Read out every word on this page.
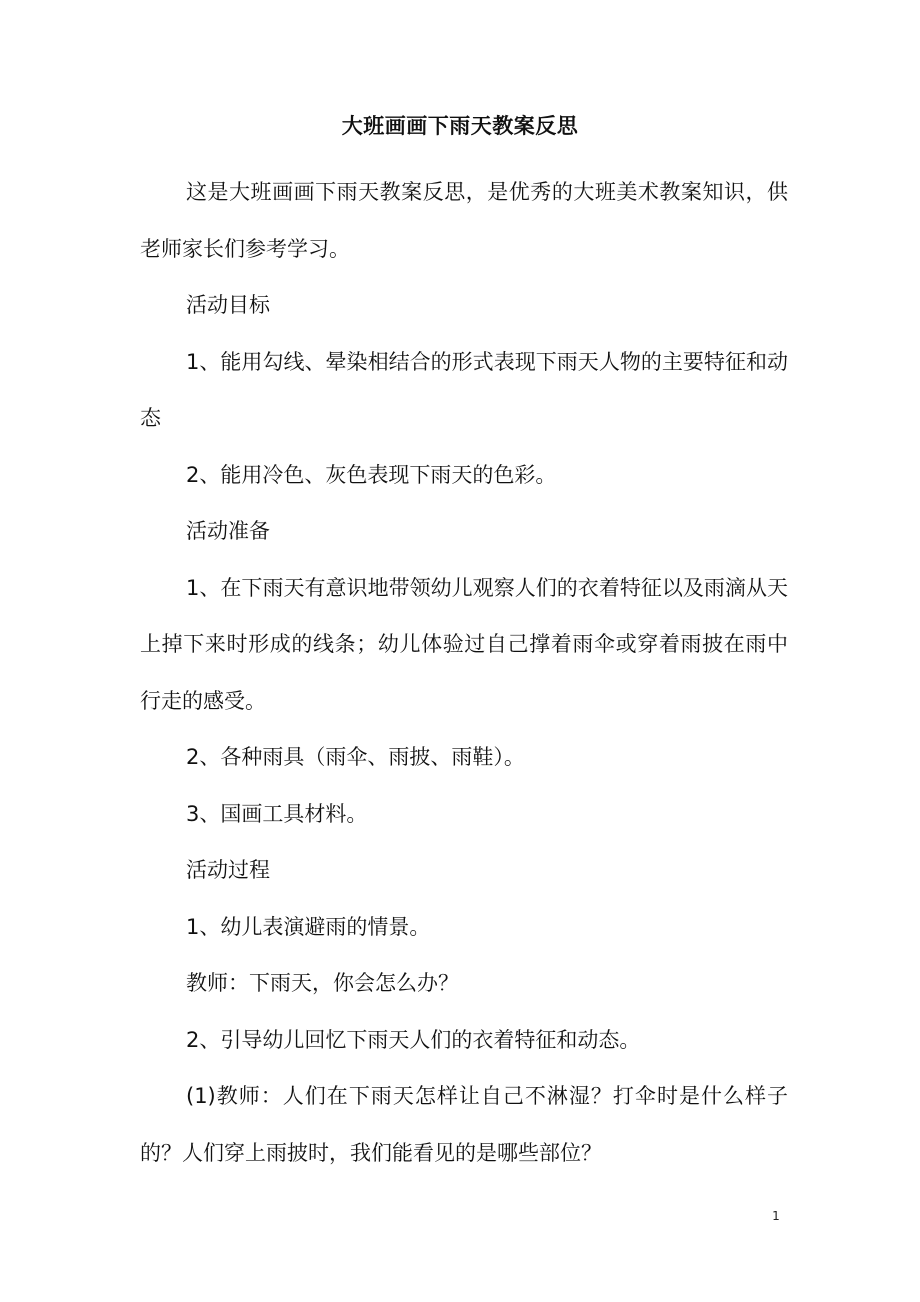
大班画画下雨天教案反思

这是大班画画下雨天教案反思，是优秀的大班美术教案知识，供老师家长们参考学习。

活动目标

1、能用勾线、晕染相结合的形式表现下雨天人物的主要特征和动态

2、能用冷色、灰色表现下雨天的色彩。

活动准备

1、在下雨天有意识地带领幼儿观察人们的衣着特征以及雨滴从天上掉下来时形成的线条；幼儿体验过自己撑着雨伞或穿着雨披在雨中行走的感受。

2、各种雨具（雨伞、雨披、雨鞋）。

3、国画工具材料。

活动过程

1、幼儿表演避雨的情景。

教师：下雨天，你会怎么办？

2、引导幼儿回忆下雨天人们的衣着特征和动态。

(1)教师：人们在下雨天怎样让自己不淋湿？打伞时是什么样子的？人们穿上雨披时，我们能看见的是哪些部位？

1
